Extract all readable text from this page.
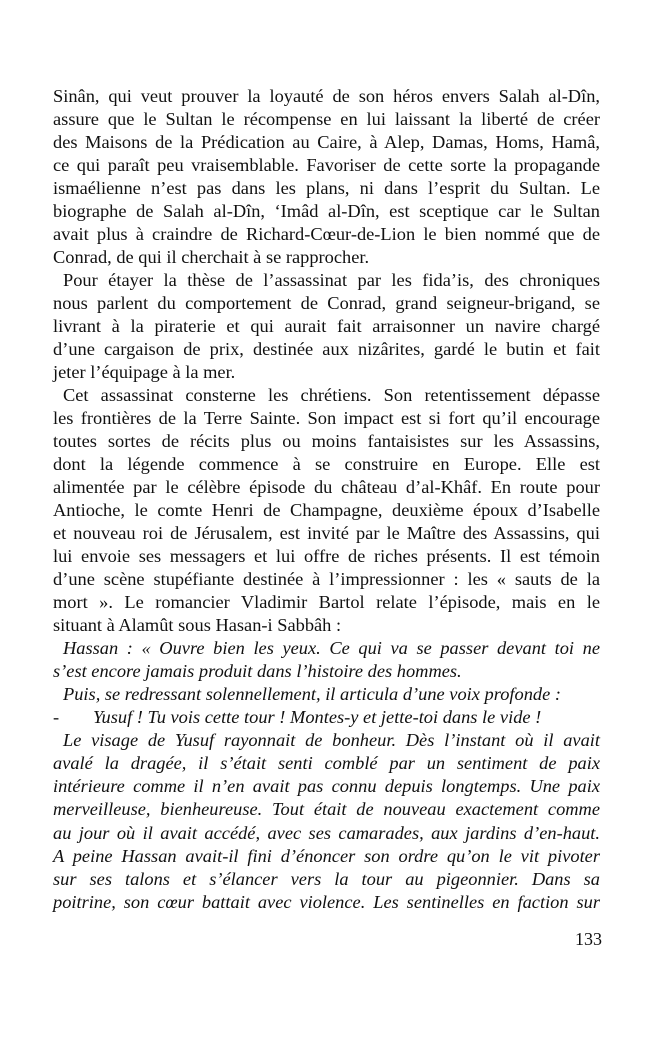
Sinân, qui veut prouver la loyauté de son héros envers Salah al-Dîn,
assure que le Sultan le récompense en lui laissant la liberté de créer
des Maisons de la Prédication au Caire, à Alep, Damas, Homs, Hamâ,
ce qui paraît peu vraisemblable. Favoriser de cette sorte la propagande
ismaélienne n’est pas dans les plans, ni dans l’esprit du Sultan. Le
biographe de Salah al-Dîn, ‘Imâd al-Dîn, est sceptique car le Sultan
avait plus à craindre de Richard-Cœur-de-Lion le bien nommé que de
Conrad, de qui il cherchait à se rapprocher.
Pour étayer la thèse de l’assassinat par les fida’is, des chroniques
nous parlent du comportement de Conrad, grand seigneur-brigand, se
livrant à la piraterie et qui aurait fait arraisonner un navire chargé
d’une cargaison de prix, destinée aux nizârites, gardé le butin et fait
jeter l’équipage à la mer.
Cet assassinat consterne les chrétiens. Son retentissement dépasse
les frontières de la Terre Sainte. Son impact est si fort qu’il encourage
toutes sortes de récits plus ou moins fantaisistes sur les Assassins,
dont la légende commence à se construire en Europe. Elle est
alimentée par le célèbre épisode du château d’al-Khâf. En route pour
Antioche, le comte Henri de Champagne, deuxième époux d’Isabelle
et nouveau roi de Jérusalem, est invité par le Maître des Assassins, qui
lui envoie ses messagers et lui offre de riches présents. Il est témoin
d’une scène stupéfiante destinée à l’impressionner : les « sauts de la
mort ». Le romancier Vladimir Bartol relate l’épisode, mais en le
situant à Alamût sous Hasan-i Sabbâh :
Hassan : « Ouvre bien les yeux. Ce qui va se passer devant toi ne
s’est encore jamais produit dans l’histoire des hommes.
Puis, se redressant solennellement, il articula d’une voix profonde :
-	Yusuf ! Tu vois cette tour ! Montes-y et jette-toi dans le vide !
Le visage de Yusuf rayonnait de bonheur. Dès l’instant où il avait
avalé la dragée, il s’était senti comblé par un sentiment de paix
intérieure comme il n’en avait pas connu depuis longtemps. Une paix
merveilleuse, bienheureuse. Tout était de nouveau exactement comme
au jour où il avait accédé, avec ses camarades, aux jardins d’en-haut.
A peine Hassan avait-il fini d’énoncer son ordre qu’on le vit pivoter
sur ses talons et s’élancer vers la tour au pigeonnier. Dans sa
poitrine, son cœur battait avec violence. Les sentinelles en faction sur
133
